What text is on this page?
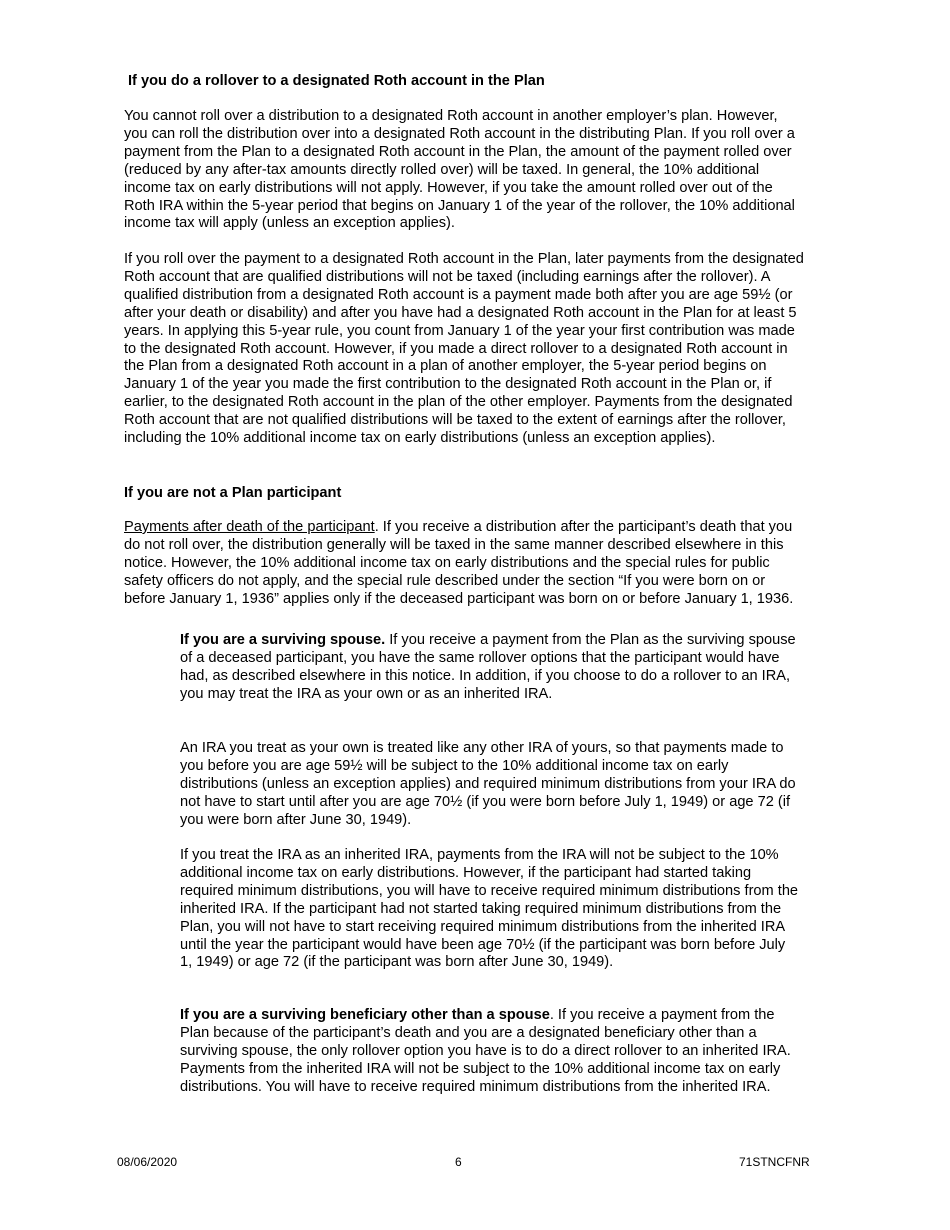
If you do a rollover to a designated Roth account in the Plan

You cannot roll over a distribution to a designated Roth account in another employer’s plan. However, you can roll the distribution over into a designated Roth account in the distributing Plan. If you roll over a payment from the Plan to a designated Roth account in the Plan, the amount of the payment rolled over (reduced by any after-tax amounts directly rolled over) will be taxed. In general, the 10% additional income tax on early distributions will not apply. However, if you take the amount rolled over out of the Roth IRA within the 5-year period that begins on January 1 of the year of the rollover, the 10% additional income tax will apply (unless an exception applies).

If you roll over the payment to a designated Roth account in the Plan, later payments from the designated Roth account that are qualified distributions will not be taxed (including earnings after the rollover). A qualified distribution from a designated Roth account is a payment made both after you are age 59½ (or after your death or disability) and after you have had a designated Roth account in the Plan for at least 5 years. In applying this 5-year rule, you count from January 1 of the year your first contribution was made to the designated Roth account. However, if you made a direct rollover to a designated Roth account in the Plan from a designated Roth account in a plan of another employer, the 5-year period begins on January 1 of the year you made the first contribution to the designated Roth account in the Plan or, if earlier, to the designated Roth account in the plan of the other employer. Payments from the designated Roth account that are not qualified distributions will be taxed to the extent of earnings after the rollover, including the 10% additional income tax on early distributions (unless an exception applies).

If you are not a Plan participant

Payments after death of the participant. If you receive a distribution after the participant’s death that you do not roll over, the distribution generally will be taxed in the same manner described elsewhere in this notice. However, the 10% additional income tax on early distributions and the special rules for public safety officers do not apply, and the special rule described under the section “If you were born on or before January 1, 1936” applies only if the deceased participant was born on or before January 1, 1936.

If you are a surviving spouse. If you receive a payment from the Plan as the surviving spouse of a deceased participant, you have the same rollover options that the participant would have had, as described elsewhere in this notice. In addition, if you choose to do a rollover to an IRA, you may treat the IRA as your own or as an inherited IRA.

An IRA you treat as your own is treated like any other IRA of yours, so that payments made to you before you are age 59½ will be subject to the 10% additional income tax on early distributions (unless an exception applies) and required minimum distributions from your IRA do not have to start until after you are age 70½ (if you were born before July 1, 1949) or age 72 (if you were born after June 30, 1949).

If you treat the IRA as an inherited IRA, payments from the IRA will not be subject to the 10% additional income tax on early distributions. However, if the participant had started taking required minimum distributions, you will have to receive required minimum distributions from the inherited IRA. If the participant had not started taking required minimum distributions from the Plan, you will not have to start receiving required minimum distributions from the inherited IRA until the year the participant would have been age 70½ (if the participant was born before July 1, 1949) or age 72 (if the participant was born after June 30, 1949).

If you are a surviving beneficiary other than a spouse. If you receive a payment from the Plan because of the participant’s death and you are a designated beneficiary other than a surviving spouse, the only rollover option you have is to do a direct rollover to an inherited IRA. Payments from the inherited IRA will not be subject to the 10% additional income tax on early distributions. You will have to receive required minimum distributions from the inherited IRA.

08/06/2020	6	71STNCFNR
